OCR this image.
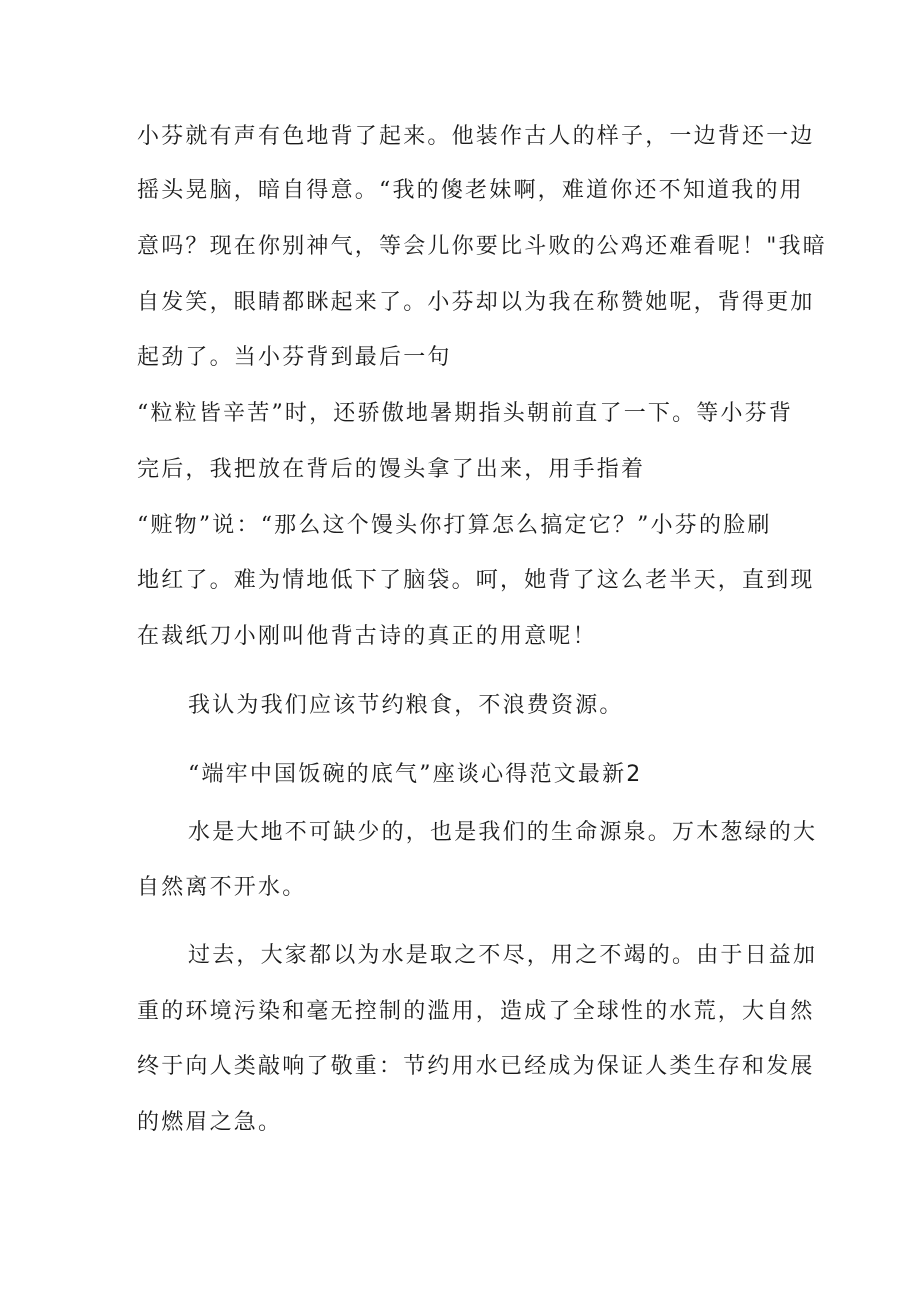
小芬就有声有色地背了起来。他装作古人的样子，一边背还一边
摇头晃脑，暗自得意。“我的傻老妹啊，难道你还不知道我的用
意吗？现在你别神气，等会儿你要比斗败的公鸡还难看呢！"我暗
自发笑，眼睛都眯起来了。小芬却以为我在称赞她呢，背得更加
起劲了。当小芬背到最后一句
“粒粒皆辛苦”时，还骄傲地暑期指头朝前直了一下。等小芬背
完后，我把放在背后的馒头拿了出来，用手指着
“赃物”说：“那么这个馒头你打算怎么搞定它？”小芬的脸刷
地红了。难为情地低下了脑袋。呵，她背了这么老半天，直到现
在裁纸刀小刚叫他背古诗的真正的用意呢！
我认为我们应该节约粮食，不浪费资源。
“端牢中国饭碗的底气”座谈心得范文最新2
水是大地不可缺少的，也是我们的生命源泉。万木葱绿的大
自然离不开水。
过去，大家都以为水是取之不尽，用之不竭的。由于日益加
重的环境污染和毫无控制的滥用，造成了全球性的水荒，大自然
终于向人类敲响了敬重：节约用水已经成为保证人类生存和发展
的燃眉之急。
